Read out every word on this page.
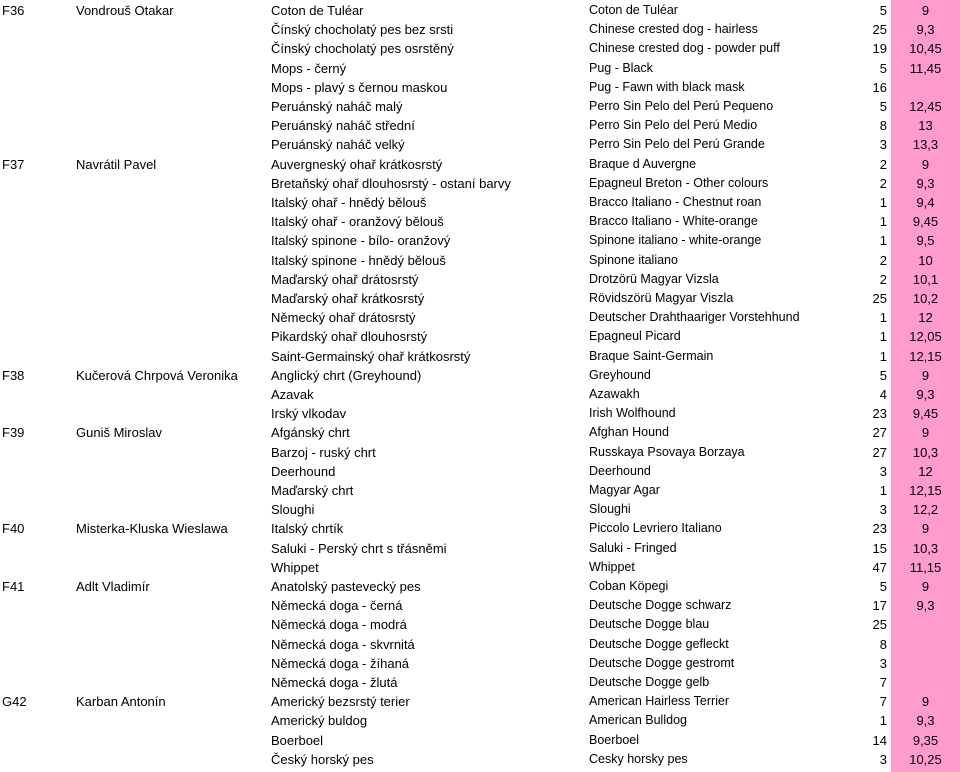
F36	Vondrouš Otakar	Coton de Tuléar	Coton de Tuléar	5	9
Čínský chocholatý pes bez srsti	Chinese crested dog - hairless	25	9,3
Čínský chocholatý pes osrstěný	Chinese crested dog - powder puff	19	10,45
Mops - černý	Pug - Black	5	11,45
Mops - plavý s černou maskou	Pug - Fawn with black mask	16
Peruánský naháč malý	Perro Sin Pelo del Perú Pequeno	5	12,45
Peruánský naháč střední	Perro Sin Pelo del Perú Medio	8	13
Peruánský naháč velký	Perro Sin Pelo del Perú Grande	3	13,3
F37	Navrátil Pavel	Auvergneský ohař krátkosrstý	Braque d Auvergne	2	9
Bretaňský ohař dlouhosrstý - ostaní barvy	Epagneul Breton - Other colours	2	9,3
Italský ohař - hnědý bělouš	Bracco Italiano - Chestnut roan	1	9,4
Italský ohař - oranžový bělouš	Bracco Italiano - White-orange	1	9,45
Italský spinone - bílo- oranžový	Spinone italiano - white-orange	1	9,5
Italský spinone - hnědý bělouš	Spinone italiano	2	10
Maďarský ohař drátosrstý	Drotzörü Magyar Vizsla	2	10,1
Maďarský ohař krátkosrstý	Rövidszörü Magyar Viszla	25	10,2
Německý ohař drátosrstý	Deutscher Drahthaariger Vorstehhund	1	12
Pikardský ohař dlouhosrstý	Epagneul Picard	1	12,05
Saint-Germainský ohař krátkosrstý	Braque Saint-Germain	1	12,15
F38	Kučerová Chrpová Veronika	Anglický chrt (Greyhound)	Greyhound	5	9
Azavak	Azawakh	4	9,3
Irský vlkodav	Irish Wolfhound	23	9,45
F39	Guniš Miroslav	Afgánský chrt	Afghan Hound	27	9
Barzoj - ruský chrt	Russkaya Psovaya Borzaya	27	10,3
Deerhound	Deerhound	3	12
Maďarský chrt	Magyar Agar	1	12,15
Sloughi	Sloughi	3	12,2
F40	Misterka-Kluska Wieslawa	Italský chrtík	Piccolo Levriero Italiano	23	9
Saluki - Perský chrt s třásněmi	Saluki - Fringed	15	10,3
Whippet	Whippet	47	11,15
F41	Adlt Vladimír	Anatolský pastevecký pes	Coban Köpegi	5	9
Německá doga - černá	Deutsche Dogge schwarz	17	9,3
Německá doga - modrá	Deutsche Dogge blau	25
Německá doga - skvrnitá	Deutsche Dogge gefleckt	8
Německá doga - žíhaná	Deutsche Dogge gestromt	3
Německá doga - žlutá	Deutsche Dogge gelb	7
G42	Karban Antonín	Americký bezsrstý terier	American Hairless Terrier	7	9
Americký buldog	American Bulldog	1	9,3
Boerboel	Boerboel	14	9,35
Český horský pes	Cesky horsky pes	3	10,25
